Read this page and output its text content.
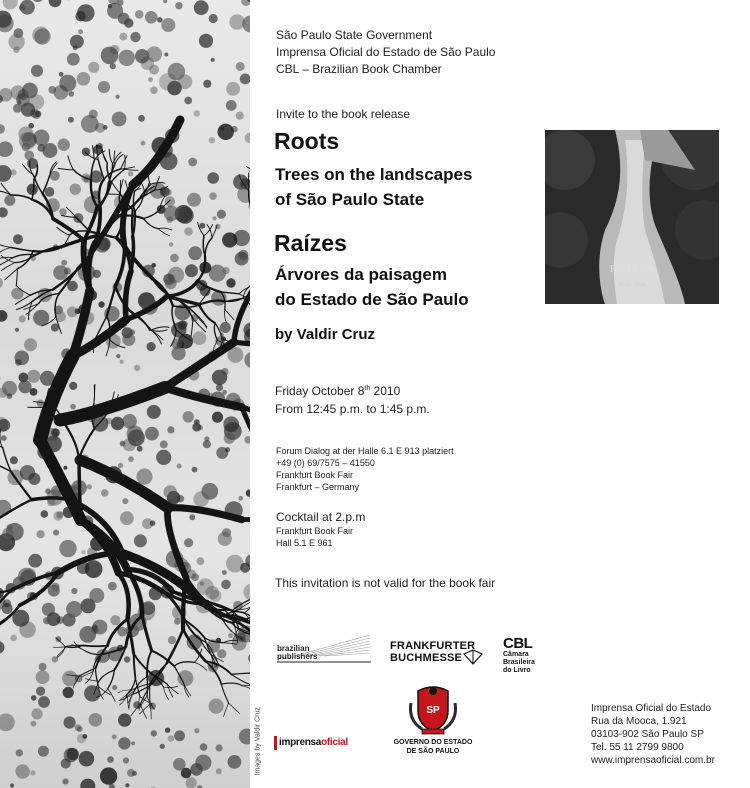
Images by Valdir Cruz
São Paulo State Government
Imprensa Oficial do Estado de São Paulo
CBL – Brazilian Book Chamber
Invite to the book release
Roots
Trees on the landscapes
of São Paulo State
Raízes
Árvores da paisagem
do Estado de São Paulo
by Valdir Cruz
Friday October 8th 2010
From 12:45 p.m. to 1:45 p.m.
Forum Dialog at der Halle 6.1 E 913 platziert
+49 (0) 69/7575 – 41550
Frankfurt Book Fair
Frankfurt – Germany
Cocktail at 2.p.m
Frankfurt Book Fair
Hall 5.1 E 961
This invitation is not valid for the book fair
RAÍZES
Valdir Cruz
brazilian
publishers
FRANKFURTER
BUCHMESSE
CBL
Câmara
Brasileira
do Livro
imprensaoficial
SP
GOVERNO DO ESTADO
DE SÃO PAULO
Imprensa Oficial do Estado
Rua da Mooca, 1.921
03103-902 São Paulo SP
Tel. 55 11 2799 9800
www.imprensaoficial.com.br
